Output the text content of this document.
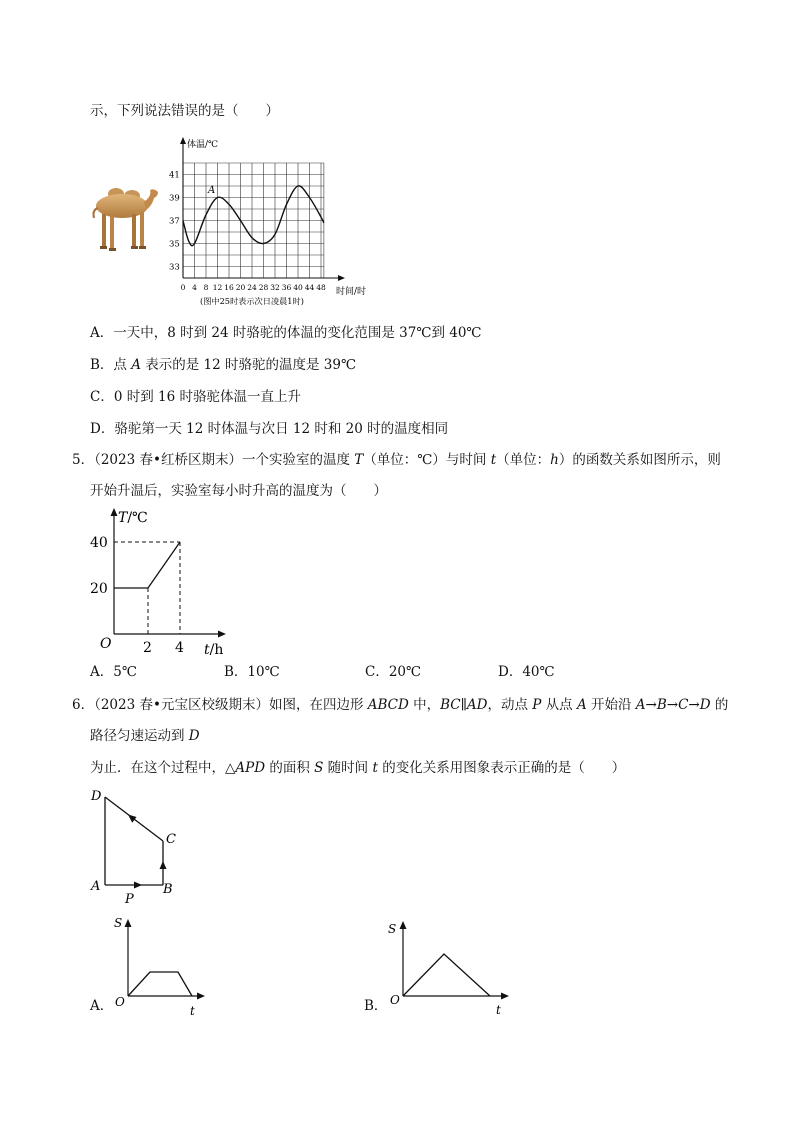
示，下列说法错误的是（　　）
体温/℃
时间/时
41
39
37
35
33
0 4 8 12 16 20 24 28 32 36 40 44 48
A
(图中25时表示次日凌晨1时)
A．一天中，8 时到 24 时骆驼的体温的变化范围是 37℃到 40℃
B．点 A 表示的是 12 时骆驼的温度是 39℃
C．0 时到 16 时骆驼体温一直上升
D．骆驼第一天 12 时体温与次日 12 时和 20 时的温度相同
5．（2023 春•红桥区期末）一个实验室的温度 T（单位：℃）与时间 t（单位：h）的函数关系如图所示，则
开始升温后，实验室每小时升高的温度为（　　）
T/℃
t/h
O
40
20
2 4
A．5℃	B．10℃	C．20℃	D．40℃
6．（2023 春•元宝区校级期末）如图，在四边形 ABCD 中，BC∥AD，动点 P 从点 A 开始沿 A→B→C→D 的
路径匀速运动到 D
为止．在这个过程中，△APD 的面积 S 随时间 t 的变化关系用图象表示正确的是（　　）
D
C
A	B
P
A．
S
O
t	B．
S
O
t
